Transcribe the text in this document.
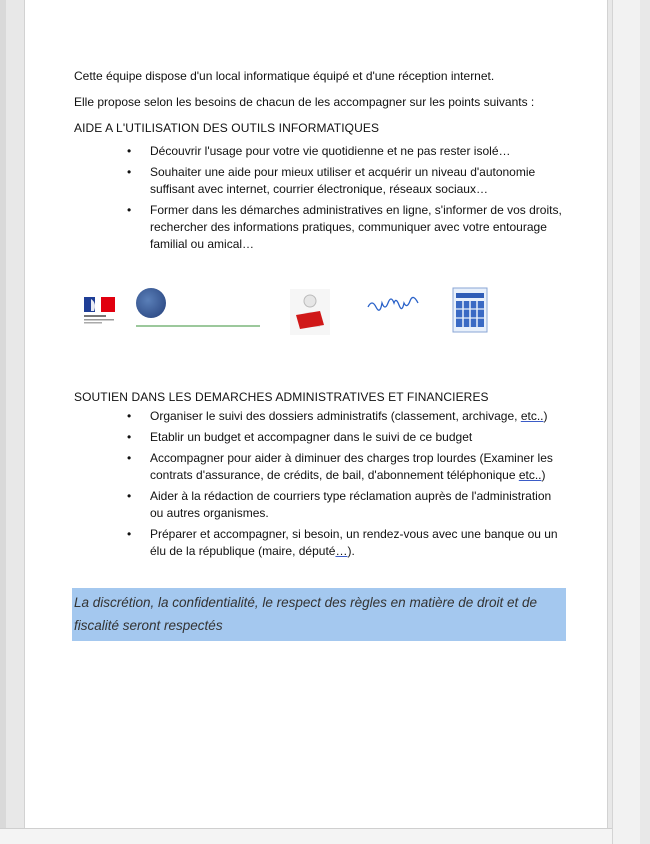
Cette équipe dispose d'un local informatique équipé et d'une réception internet.

Elle propose selon les besoins de chacun de les accompagner sur les points suivants :

AIDE A L'UTILISATION DES OUTILS INFORMATIQUES
• Découvrir l'usage pour votre vie quotidienne et ne pas rester isolé…
• Souhaiter une aide pour mieux utiliser et acquérir un niveau d'autonomie suffisant avec internet, courrier électronique, réseaux sociaux…
• Former dans les démarches administratives en ligne, s'informer de vos droits, rechercher des informations pratiques, communiquer avec votre entourage familial ou amical…
SOUTIEN DANS LES DEMARCHES ADMINISTRATIVES ET FINANCIERES
• Organiser le suivi des dossiers administratifs (classement, archivage, etc..)
• Etablir un budget et accompagner dans le suivi de ce budget
• Accompagner pour aider à diminuer des charges trop lourdes (Examiner les contrats d'assurance, de crédits, de bail, d'abonnement téléphonique etc..)
• Aider à la rédaction de courriers type réclamation auprès de l'administration ou autres organismes.
• Préparer et accompagner, si besoin, un rendez-vous avec une banque ou un élu de la république (maire, député…).
La discrétion, la confidentialité, le respect des règles en matière de droit et de fiscalité seront respectés
